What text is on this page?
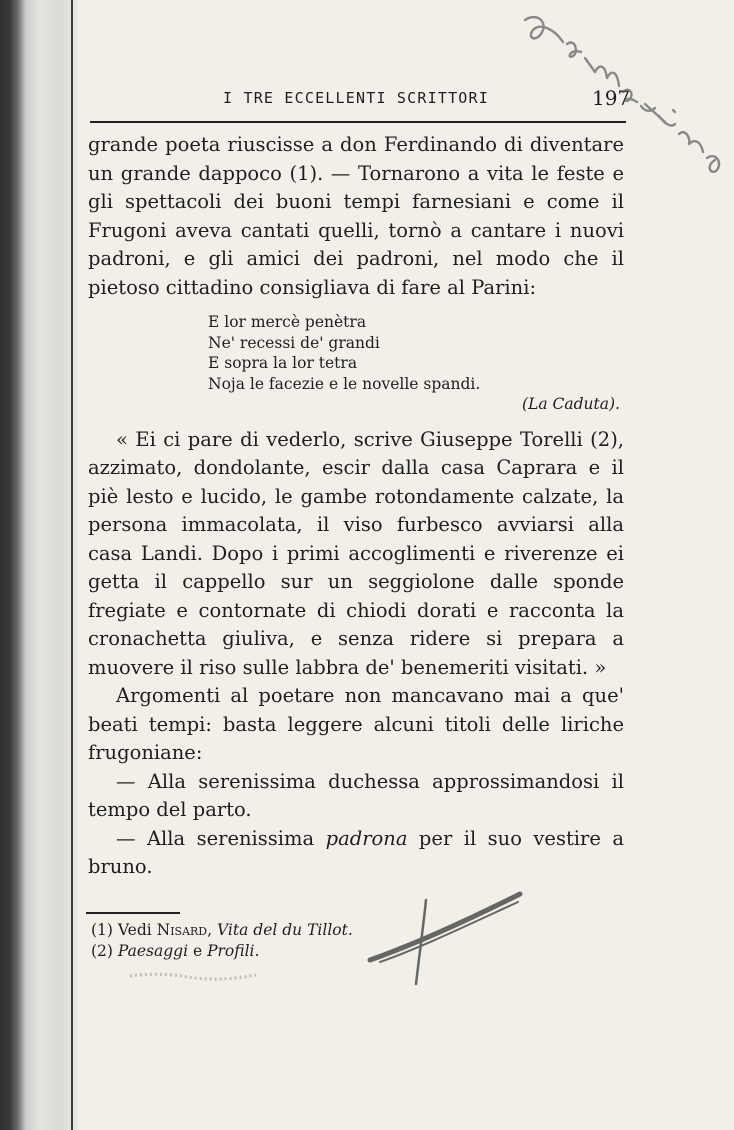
I TRE ECCELLENTI SCRITTORI	197

grande poeta riuscisse a don Ferdinando di diventare un grande dappoco (1). — Tornarono a vita le feste e gli spettacoli dei buoni tempi farnesiani e come il Frugoni aveva cantati quelli, tornò a cantare i nuovi padroni, e gli amici dei padroni, nel modo che il pietoso cittadino consigliava di fare al Parini:

E lor mercè penètra
Ne' recessi de' grandi
E sopra la lor tetra
Noja le facezie e le novelle spandi.
(La Caduta).

« Ei ci pare di vederlo, scrive Giuseppe Torelli (2), azzimato, dondolante, escir dalla casa Caprara e il piè lesto e lucido, le gambe rotondamente calzate, la persona immacolata, il viso furbesco avviarsi alla casa Landi. Dopo i primi accoglimenti e riverenze ei getta il cappello sur un seggiolone dalle sponde fregiate e contornate di chiodi dorati e racconta la cronachetta giuliva, e senza ridere si prepara a muovere il riso sulle labbra de' benemeriti visitati. »

Argomenti al poetare non mancavano mai a que' beati tempi: basta leggere alcuni titoli delle liriche frugoniane:

— Alla serenissima duchessa approssimandosi il tempo del parto.

— Alla serenissima padrona per il suo vestire a bruno.

(1) Vedi Nisard, Vita del du Tillot.
(2) Paesaggi e Profili.
